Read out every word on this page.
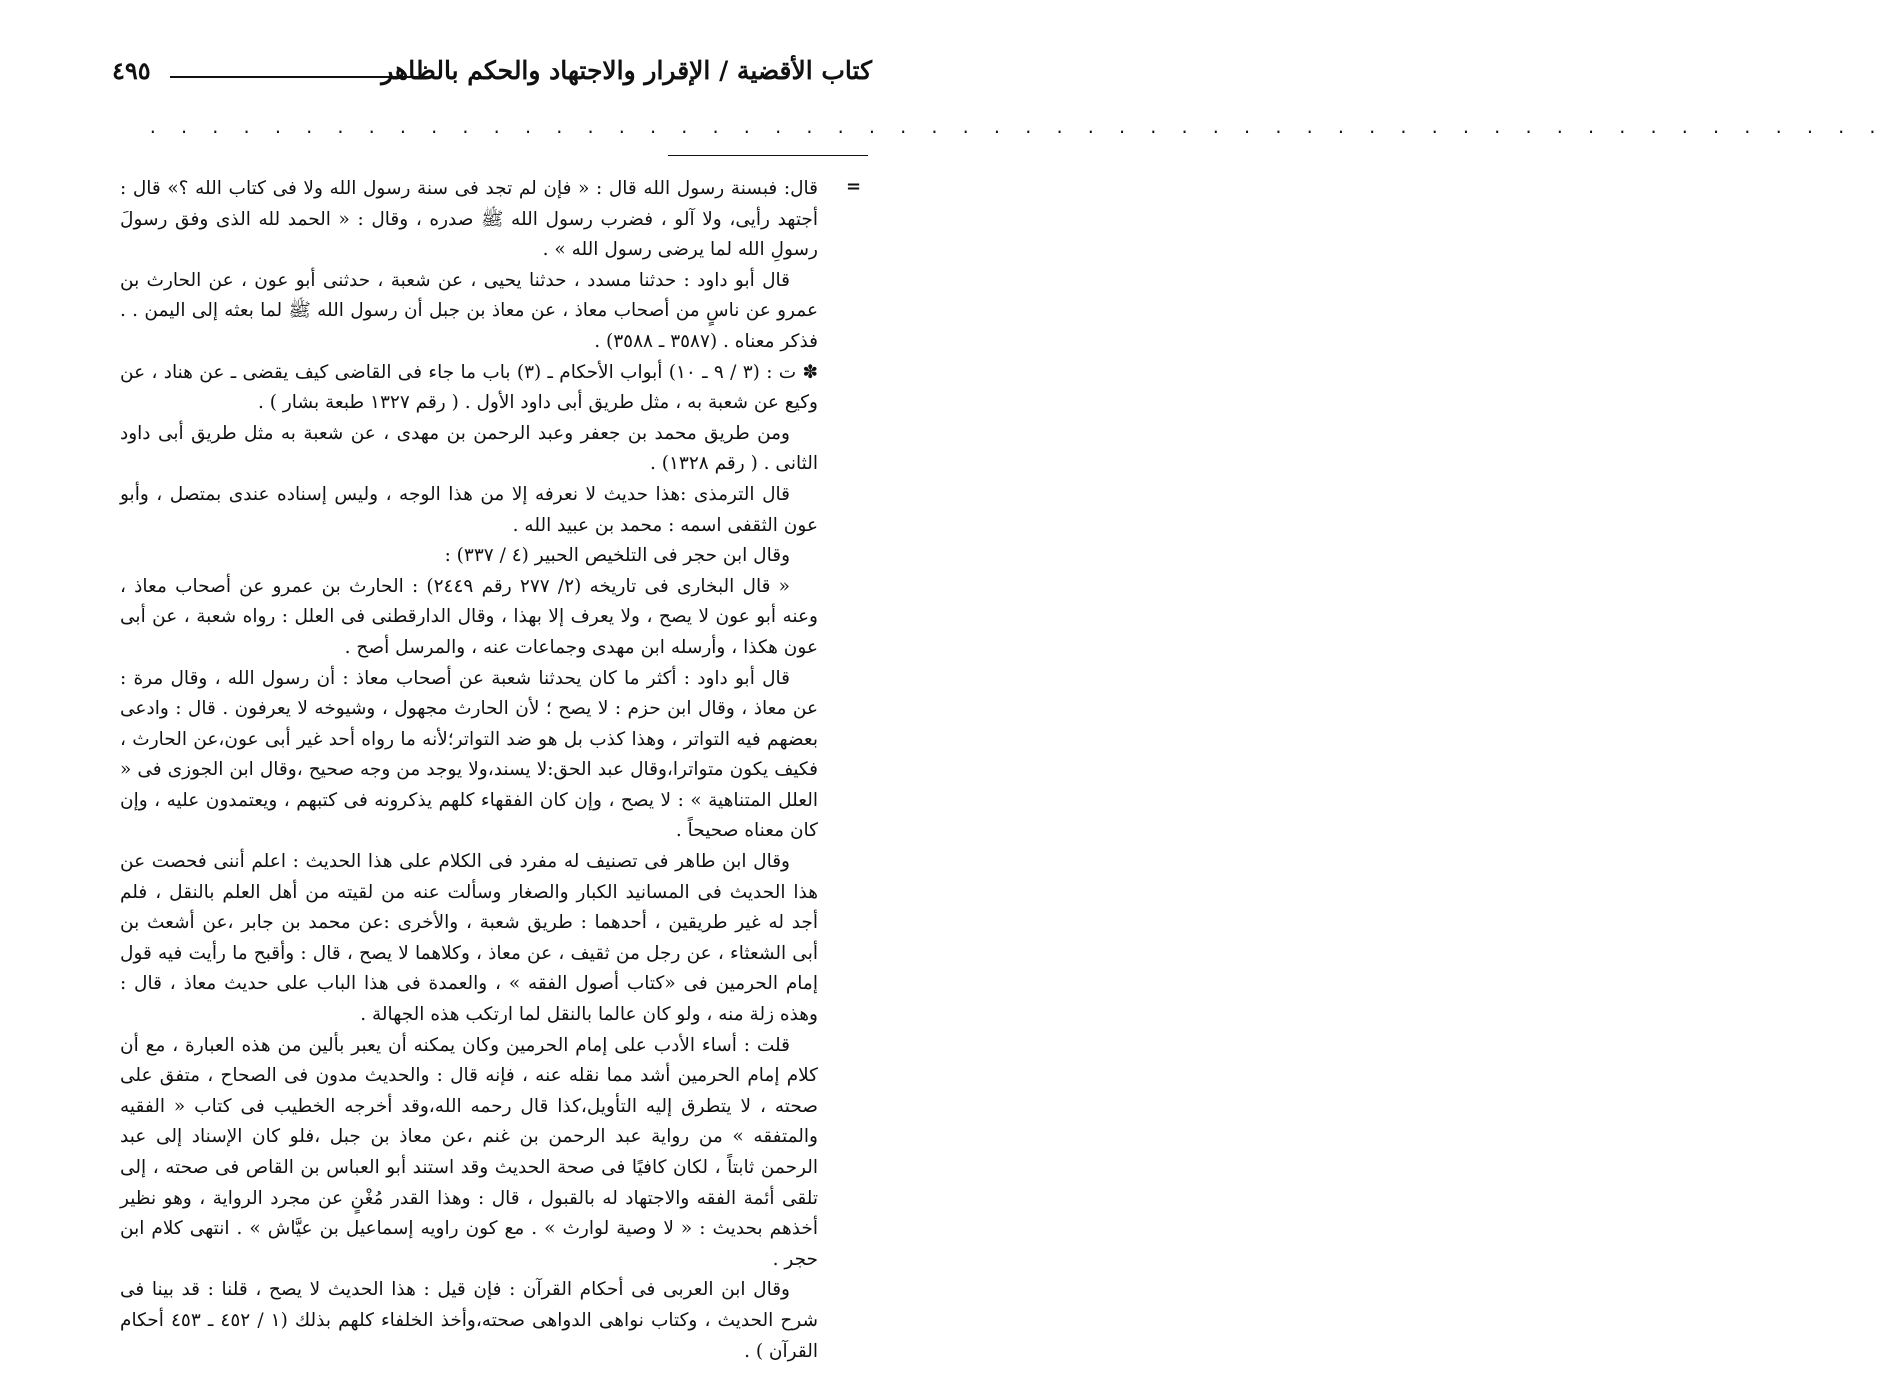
كتاب الأقضية / الإقرار والاجتهاد والحكم بالظاهر
٤٩٥
. . . . . . . . . . . . . . . . . . . . . . . . . . . . . . . . . . . . . . . . . . . . . . . . . . . . . . . .
=

قال: فبسنة رسول الله قال : « فإن لم تجد فى سنة رسول الله ولا فى كتاب الله ؟» قال : أجتهد رأيى، ولا آلو ، فضرب رسول الله ﷺ صدره ، وقال : « الحمد لله الذى وفق رسولَ رسولِ الله لما يرضى رسول الله » .

قال أبو داود : حدثنا مسدد ، حدثنا يحيى ، عن شعبة ، حدثنى أبو عون ، عن الحارث بن عمرو عن ناسٍ من أصحاب معاذ ، عن معاذ بن جبل أن رسول الله ﷺ لما بعثه إلى اليمن . . فذكر معناه . (٣٥٨٧ ـ ٣٥٨٨) .

✽ ت : (٣ / ٩ ـ ١٠) أبواب الأحكام ـ (٣) باب ما جاء فى القاضى كيف يقضى ـ عن هناد ، عن وكيع عن شعبة به ، مثل طريق أبى داود الأول . ( رقم ١٣٢٧ طبعة بشار ) .

ومن طريق محمد بن جعفر وعبد الرحمن بن مهدى ، عن شعبة به مثل طريق أبى داود الثانى . ( رقم ١٣٢٨) .

قال الترمذى :هذا حديث لا نعرفه إلا من هذا الوجه ، وليس إسناده عندى بمتصل ، وأبو عون الثقفى اسمه : محمد بن عبيد الله .

وقال ابن حجر فى التلخيص الحبير (٤ / ٣٣٧) :

« قال البخارى فى تاريخه (٢/ ٢٧٧ رقم ٢٤٤٩) : الحارث بن عمرو عن أصحاب معاذ ، وعنه أبو عون لا يصح ، ولا يعرف إلا بهذا ، وقال الدارقطنى فى العلل : رواه شعبة ، عن أبى عون هكذا ، وأرسله ابن مهدى وجماعات عنه ، والمرسل أصح .

قال أبو داود : أكثر ما كان يحدثنا شعبة عن أصحاب معاذ : أن رسول الله ، وقال مرة : عن معاذ ، وقال ابن حزم : لا يصح ؛ لأن الحارث مجهول ، وشيوخه لا يعرفون . قال : وادعى بعضهم فيه التواتر ، وهذا كذب بل هو ضد التواتر؛لأنه ما رواه أحد غير أبى عون،عن الحارث ، فكيف يكون متواترا،وقال عبد الحق:لا يسند،ولا يوجد من وجه صحيح ،وقال ابن الجوزى فى « العلل المتناهية » : لا يصح ، وإن كان الفقهاء كلهم يذكرونه فى كتبهم ، ويعتمدون عليه ، وإن كان معناه صحيحاً .

وقال ابن طاهر فى تصنيف له مفرد فى الكلام على هذا الحديث : اعلم أننى فحصت عن هذا الحديث فى المسانيد الكبار والصغار وسألت عنه من لقيته من أهل العلم بالنقل ، فلم أجد له غير طريقين ، أحدهما : طريق شعبة ، والأخرى :عن محمد بن جابر ،عن أشعث بن أبى الشعثاء ، عن رجل من ثقيف ، عن معاذ ، وكلاهما لا يصح ، قال : وأقبح ما رأيت فيه قول إمام الحرمين فى «كتاب أصول الفقه » ، والعمدة فى هذا الباب على حديث معاذ ، قال : وهذه زلة منه ، ولو كان عالما بالنقل لما ارتكب هذه الجهالة .

قلت : أساء الأدب على إمام الحرمين وكان يمكنه أن يعبر بألين من هذه العبارة ، مع أن كلام إمام الحرمين أشد مما نقله عنه ، فإنه قال : والحديث مدون فى الصحاح ، متفق على صحته ، لا يتطرق إليه التأويل،كذا قال رحمه الله،وقد أخرجه الخطيب فى كتاب « الفقيه والمتفقه » من رواية عبد الرحمن بن غنم ،عن معاذ بن جبل ،فلو كان الإسناد إلى عبد الرحمن ثابتاً ، لكان كافيًا فى صحة الحديث وقد استند أبو العباس بن القاص فى صحته ، إلى تلقى أئمة الفقه والاجتهاد له بالقبول ، قال : وهذا القدر مُغْنٍ عن مجرد الرواية ، وهو نظير أخذهم بحديث : « لا وصية لوارث » . مع كون راويه إسماعيل بن عيَّاش » . انتهى كلام ابن حجر .

وقال ابن العربى فى أحكام القرآن : فإن قيل : هذا الحديث لا يصح ، قلنا : قد بينا فى شرح الحديث ، وكتاب نواهى الدواهى صحته،وأخذ الخلفاء كلهم بذلك (١ / ٤٥٢ ـ ٤٥٣ أحكام القرآن ) .
